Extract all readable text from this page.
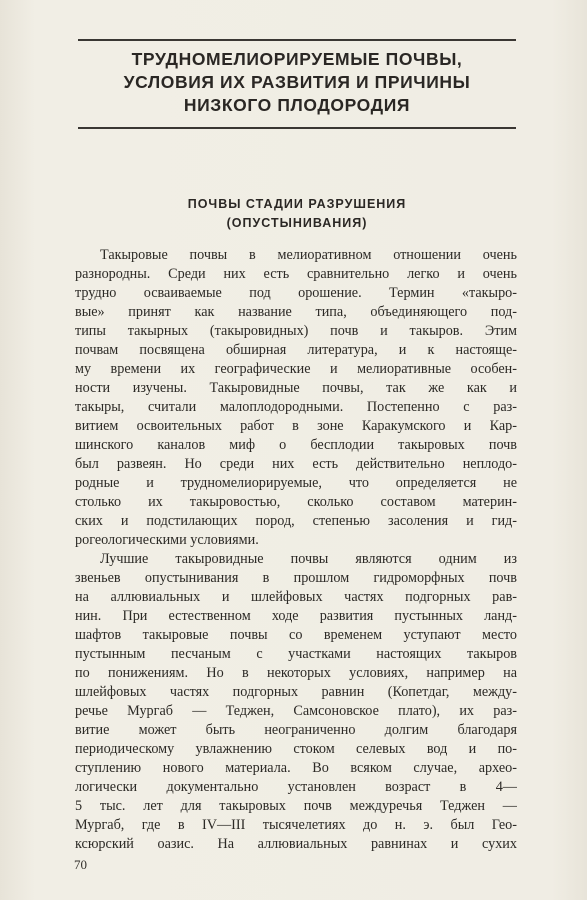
ТРУДНОМЕЛИОРИРУЕМЫЕ ПОЧВЫ,
УСЛОВИЯ ИХ РАЗВИТИЯ И ПРИЧИНЫ
НИЗКОГО ПЛОДОРОДИЯ
ПОЧВЫ СТАДИИ РАЗРУШЕНИЯ
(ОПУСТЫНИВАНИЯ)
Такыровые почвы в мелиоративном отношении очень
разнородны. Среди них есть сравнительно легко и очень
трудно осваиваемые под орошение. Термин «такыро-
вые» принят как название типа, объединяющего под-
типы такырных (такыровидных) почв и такыров. Этим
почвам посвящена обширная литература, и к настояще-
му времени их географические и мелиоративные особен-
ности изучены. Такыровидные почвы, так же как и
такыры, считали малоплодородными. Постепенно с раз-
витием освоительных работ в зоне Каракумского и Кар-
шинского каналов миф о бесплодии такыровых почв
был развеян. Но среди них есть действительно неплодо-
родные и трудномелиорируемые, что определяется не
столько их такыровостью, сколько составом материн-
ских и подстилающих пород, степенью засоления и гид-
рогеологическими условиями.
Лучшие такыровидные почвы являются одним из
звеньев опустынивания в прошлом гидроморфных почв
на аллювиальных и шлейфовых частях подгорных рав-
нин. При естественном ходе развития пустынных ланд-
шафтов такыровые почвы со временем уступают место
пустынным песчаным с участками настоящих такыров
по понижениям. Но в некоторых условиях, например на
шлейфовых частях подгорных равнин (Копетдаг, между-
речье Мургаб — Теджен, Самсоновское плато), их раз-
витие может быть неограниченно долгим благодаря
периодическому увлажнению стоком селевых вод и по-
ступлению нового материала. Во всяком случае, архео-
логически документально установлен возраст в 4—
5 тыс. лет для такыровых почв междуречья Теджен —
Мургаб, где в IV—III тысячелетиях до н. э. был Гео-
ксюрский оазис. На аллювиальных равнинах и сухих
70
